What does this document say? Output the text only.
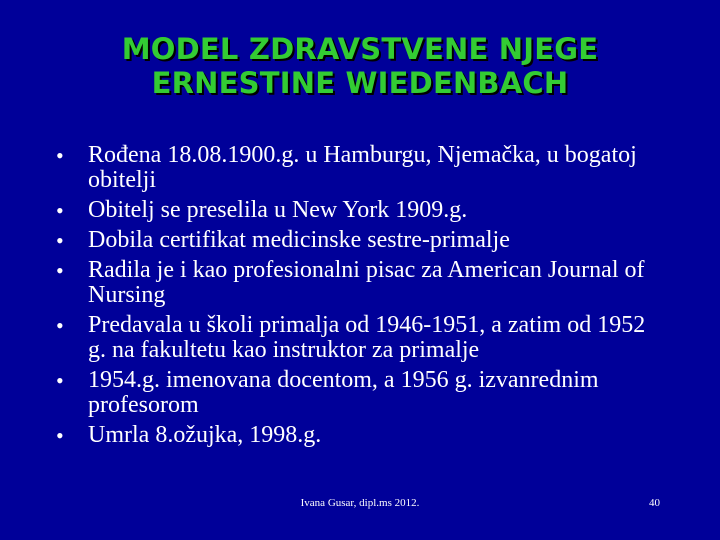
MODEL ZDRAVSTVENE NJEGE
ERNESTINE WIEDENBACH
•	Rođena 18.08.1900.g. u Hamburgu, Njemačka, u bogatoj obitelji
•	Obitelj se preselila u New York 1909.g.
•	Dobila certifikat medicinske sestre-primalje
•	Radila je i kao profesionalni pisac za American Journal of Nursing
•	Predavala u školi primalja od 1946-1951, a zatim od 1952 g. na fakultetu kao instruktor za primalje
•	1954.g. imenovana docentom, a 1956 g. izvanrednim profesorom
•	Umrla 8.ožujka, 1998.g.
Ivana Gusar, dipl.ms 2012.	40
